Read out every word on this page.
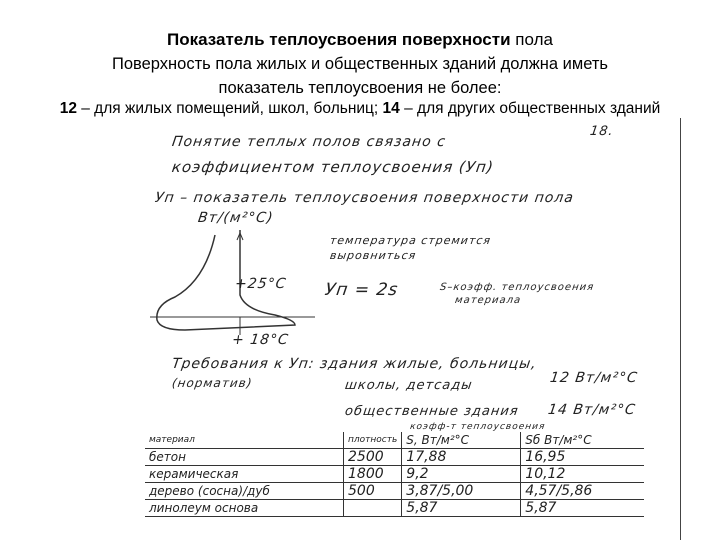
Показатель теплоусвоения поверхности пола
Поверхность пола жилых и общественных зданий должна иметь
показатель теплоусвоения не более:
12 – для жилых помещений, школ, больниц; 14 – для других общественных зданий
18.
Понятие теплых полов связано с
коэффициентом теплоусвоения (Уп)
Уп – показатель теплоусвоения поверхности пола
Вт/(м²°С)
+25°С
+ 18°С
температура стремится
выровниться
Уп = 2s	S–коэфф. теплоусвоения
материала
Требования к Уп: здания жилые, больницы,
(норматив)	школы, детсады	12 Вт/м²°С
общественные здания 14 Вт/м²°С
коэфф-т теплоусвоения
материал	плотность	S, Вт/м²°С	Sб Вт/м²°С
бетон	2500	17,88	16,95
керамическая	1800	9,2	10,12
дерево (сосна)/дуб	500	3,87/5,00	4,57/5,86
линолеум основа		5,87	5,87
